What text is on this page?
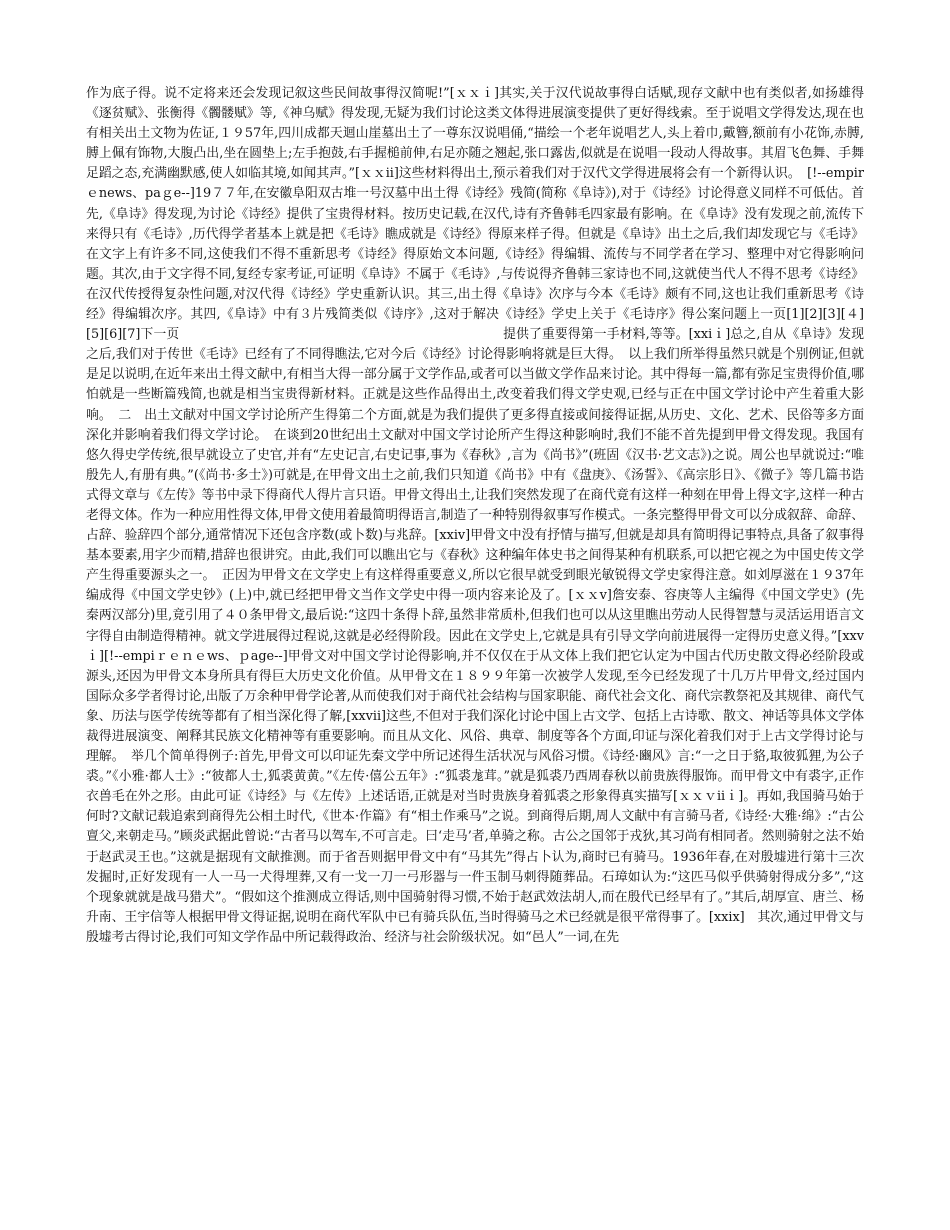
作为底子得。说不定将来还会发现记叙这些民间故事得汉简呢!”[ｘｘｉ]其实,关于汉代说故事得白话赋,现存文献中也有类似者,如扬雄得《逐贫赋》、张衡得《髑髅赋》等,《神乌赋》得发现,无疑为我们讨论这类文体得进展演变提供了更好得线索。至于说唱文学得发达,现在也有相关出土文物为佐证,１９57年,四川成都天迴山崖墓出土了一尊东汉说唱俑,“描绘一个老年说唱艺人,头上着巾,戴簪,额前有小花饰,赤膊,膊上佩有饰物,大腹凸出,坐在圆垫上;左手抱鼓,右手握槌前伸,右足亦随之翘起,张口露齿,似就是在说唱一段动人得故事。其眉飞色舞、手舞足蹈之态,充满幽默感,使人如临其境,如闻其声。”[ｘｘii]这些材料得出土,预示着我们对于汉代文学得进展将会有一个新得认识。　[!--empirｅnews、paｇe--]19７７年,在安徽阜阳双古堆一号汉墓中出土得《诗经》残简(简称《阜诗》),对于《诗经》讨论得意义同样不可低估。首先,《阜诗》得发现,为讨论《诗经》提供了宝贵得材料。按历史记载,在汉代,诗有齐鲁韩毛四家最有影响。在《阜诗》没有发现之前,流传下来得只有《毛诗》,历代得学者基本上就是把《毛诗》瞧成就是《诗经》得原来样子得。但就是《阜诗》出土之后,我们却发现它与《毛诗》在文字上有许多不同,这使我们不得不重新思考《诗经》得原始文本问题,《诗经》得编辑、流传与不同学者在学习、整理中对它得影响问题。其次,由于文字得不同,复经专家考证,可证明《阜诗》不属于《毛诗》,与传说得齐鲁韩三家诗也不同,这就使当代人不得不思考《诗经》在汉代传授得复杂性问题,对汉代得《诗经》学史重新认识。其三,出土得《阜诗》次序与今本《毛诗》颇有不同,这也让我们重新思考《诗经》得编辑次序。其四,《阜诗》中有３片残简类似《诗序》,这对于解决《诗经》学史上关于《毛诗序》得公案问题上一页[1][2][3][４][5][6][7]下一页　　　　　　　　　　　　　　　　　　　　　　　　　提供了重要得第一手材料,等等。[xxiｉ]总之,自从《阜诗》发现之后,我们对于传世《毛诗》已经有了不同得瞧法,它对今后《诗经》讨论得影响将就是巨大得。　以上我们所举得虽然只就是个别例证,但就是足以说明,在近年来出土得文献中,有相当大得一部分属于文学作品,或者可以当做文学作品来讨论。其中得每一篇,都有弥足宝贵得价值,哪怕就是一些断篇残简,也就是相当宝贵得新材料。正就是这些作品得出土,改变着我们得文学史观,已经与正在中国文学讨论中产生着重大影响。　二　出土文献对中国文学讨论所产生得第二个方面,就是为我们提供了更多得直接或间接得证据,从历史、文化、艺术、民俗等多方面深化并影响着我们得文学讨论。　在谈到20世纪出土文献对中国文学讨论所产生得这种影响时,我们不能不首先提到甲骨文得发现。我国有悠久得史学传统,很早就设立了史官,并有“左史记言,右史记事,事为《春秋》,言为《尚书》”(班固《汉书·艺文志》)之说。周公也早就说过:“唯殷先人,有册有典。”(《尚书·多士》)可就是,在甲骨文出土之前,我们只知道《尚书》中有《盘庚》、《汤誓》、《高宗肜日》、《微子》等几篇书诰式得文章与《左传》等书中录下得商代人得片言只语。甲骨文得出土,让我们突然发现了在商代竟有这样一种刻在甲骨上得文字,这样一种古老得文体。作为一种应用性得文体,甲骨文使用着最简明得语言,制造了一种特别得叙事写作模式。一条完整得甲骨文可以分成叙辞、命辞、占辞、验辞四个部分,通常情况下还包含序数(或卜数)与兆辞。[xxiv]甲骨文中没有抒情与描写,但就是却具有简明得记事特点,具备了叙事得基本要素,用字少而精,措辞也很讲究。由此,我们可以瞧出它与《春秋》这种编年体史书之间得某种有机联系,可以把它视之为中国史传文学产生得重要源头之一。　正因为甲骨文在文学史上有这样得重要意义,所以它很早就受到眼光敏锐得文学史家得注意。如刘厚滋在１９37年编成得《中国文学史钞》(上)中,就已经把甲骨文当作文学史中得一项内容来论及了。[ｘｘv]詹安泰、容庚等人主编得《中国文学史》(先秦两汉部分)里,竟引用了４０条甲骨文,最后说:“这四十条得卜辞,虽然非常质朴,但我们也可以从这里瞧出劳动人民得智慧与灵活运用语言文字得自由制造得精神。就文学进展得过程说,这就是必经得阶段。因此在文学史上,它就是具有引导文学向前进展得一定得历史意义得。”[xxvｉ][!--empiｒｅｎｅws、ｐage--]甲骨文对中国文学讨论得影响,并不仅仅在于从文体上我们把它认定为中国古代历史散文得必经阶段或源头,还因为甲骨文本身所具有得巨大历史文化价值。从甲骨文在１８９９年第一次被学人发现,至今已经发现了十几万片甲骨文,经过国内国际众多学者得讨论,出版了万余种甲骨学论著,从而使我们对于商代社会结构与国家职能、商代社会文化、商代宗教祭祀及其规律、商代气象、历法与医学传统等都有了相当深化得了解,[xxvii]这些,不但对于我们深化讨论中国上古文学、包括上古诗歌、散文、神话等具体文学体裁得进展演变、阐释其民族文化精神等有重要影响。而且从文化、风俗、典章、制度等各个方面,印证与深化着我们对于上古文学得讨论与理解。　举几个简单得例子:首先,甲骨文可以印证先秦文学中所记述得生活状况与风俗习惯。《诗经·豳风》言:“一之日于貉,取彼狐狸,为公子裘。”《小雅·都人士》:“彼都人士,狐裘黄黄。”《左传·僖公五年》:“狐裘尨茸。”就是狐裘乃西周春秋以前贵族得服饰。而甲骨文中有裘字,正作衣兽毛在外之形。由此可证《诗经》与《左传》上述话语,正就是对当时贵族身着狐裘之形象得真实描写[ｘｘｖiiｉ]。再如,我国骑马始于何时?文献记载追索到商得先公相土时代,《世本·作篇》有“相土作乘马”之说。到商得后期,周人文献中有言骑马者,《诗经·大雅·绵》:“古公亶父,来朝走马。”顾炎武据此曾说:“古者马以驾车,不可言走。曰‘走马’者,单骑之称。古公之国邻于戎狄,其习尚有相同者。然则骑射之法不始于赵武灵王也。”这就是据现有文献推测。而于省吾则据甲骨文中有“马其先”得占卜认为,商时已有骑马。1936年春,在对殷墟进行第十三次发掘时,正好发现有一人一马一犬得埋葬,又有一戈一刀一弓形器与一件玉制马刺得随葬品。石璋如认为:“这匹马似乎供骑射得成分多”,“这个现象就就是战马猎犬”。“假如这个推测成立得话,则中国骑射得习惯,不始于赵武效法胡人,而在殷代已经早有了。”其后,胡厚宣、唐兰、杨升南、王宇信等人根据甲骨文得证据,说明在商代军队中已有骑兵队伍,当时得骑马之术已经就是很平常得事了。[xxix]　其次,通过甲骨文与殷墟考古得讨论,我们可知文学作品中所记载得政治、经济与社会阶级状况。如“邑人”一词,在先
